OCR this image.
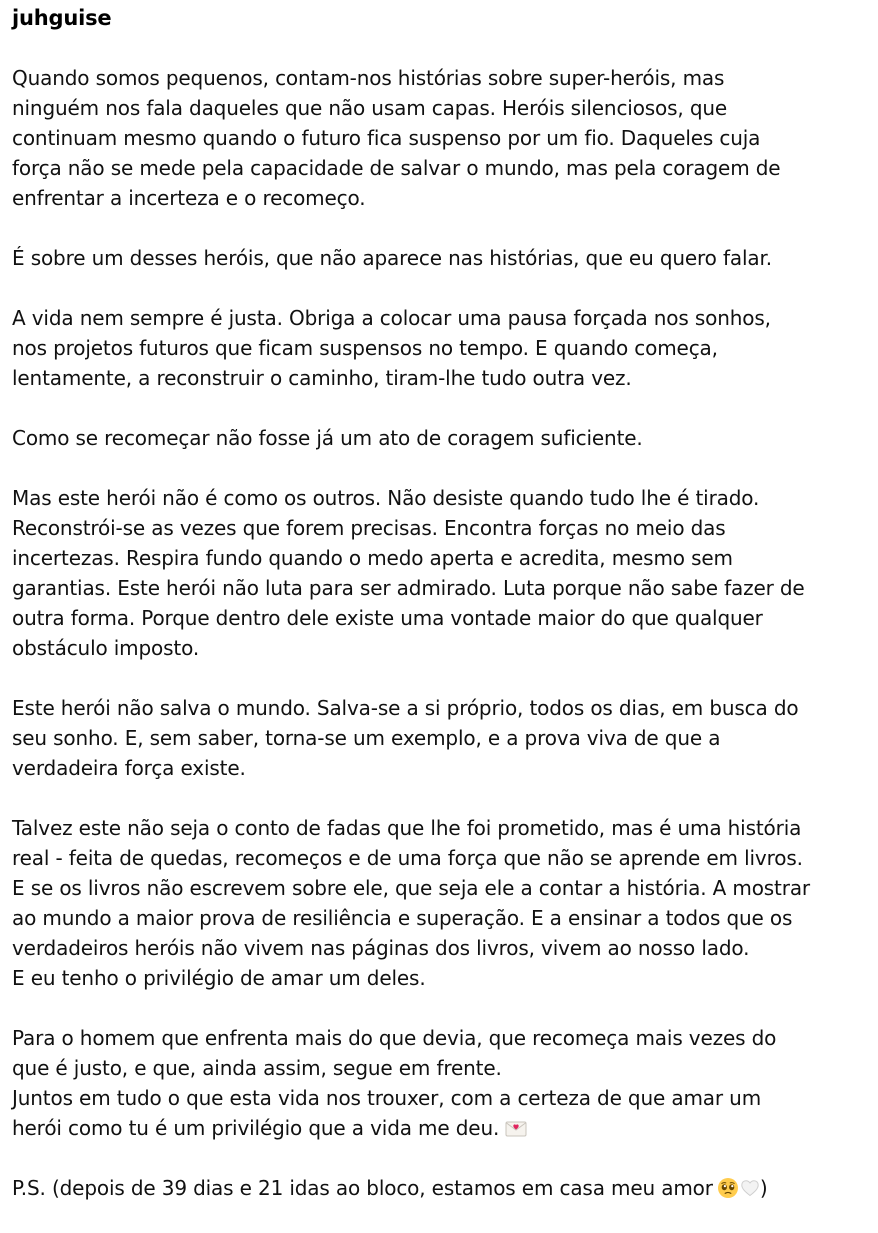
juhguise
Quando somos pequenos, contam-nos histórias sobre super-heróis, mas
ninguém nos fala daqueles que não usam capas. Heróis silenciosos, que
continuam mesmo quando o futuro fica suspenso por um fio. Daqueles cuja
força não se mede pela capacidade de salvar o mundo, mas pela coragem de
enfrentar a incerteza e o recomeço.
É sobre um desses heróis, que não aparece nas histórias, que eu quero falar.
A vida nem sempre é justa. Obriga a colocar uma pausa forçada nos sonhos,
nos projetos futuros que ficam suspensos no tempo. E quando começa,
lentamente, a reconstruir o caminho, tiram-lhe tudo outra vez.
Como se recomeçar não fosse já um ato de coragem suficiente.
Mas este herói não é como os outros. Não desiste quando tudo lhe é tirado.
Reconstrói-se as vezes que forem precisas. Encontra forças no meio das
incertezas. Respira fundo quando o medo aperta e acredita, mesmo sem
garantias. Este herói não luta para ser admirado. Luta porque não sabe fazer de
outra forma. Porque dentro dele existe uma vontade maior do que qualquer
obstáculo imposto.
Este herói não salva o mundo. Salva-se a si próprio, todos os dias, em busca do
seu sonho. E, sem saber, torna-se um exemplo, e a prova viva de que a
verdadeira força existe.
Talvez este não seja o conto de fadas que lhe foi prometido, mas é uma história
real - feita de quedas, recomeços e de uma força que não se aprende em livros.
E se os livros não escrevem sobre ele, que seja ele a contar a história. A mostrar
ao mundo a maior prova de resiliência e superação. E a ensinar a todos que os
verdadeiros heróis não vivem nas páginas dos livros, vivem ao nosso lado.
E eu tenho o privilégio de amar um deles.
Para o homem que enfrenta mais do que devia, que recomeça mais vezes do
que é justo, e que, ainda assim, segue em frente.
Juntos em tudo o que esta vida nos trouxer, com a certeza de que amar um
herói como tu é um privilégio que a vida me deu.
P.S. (depois de 39 dias e 21 idas ao bloco, estamos em casa meu amor )
